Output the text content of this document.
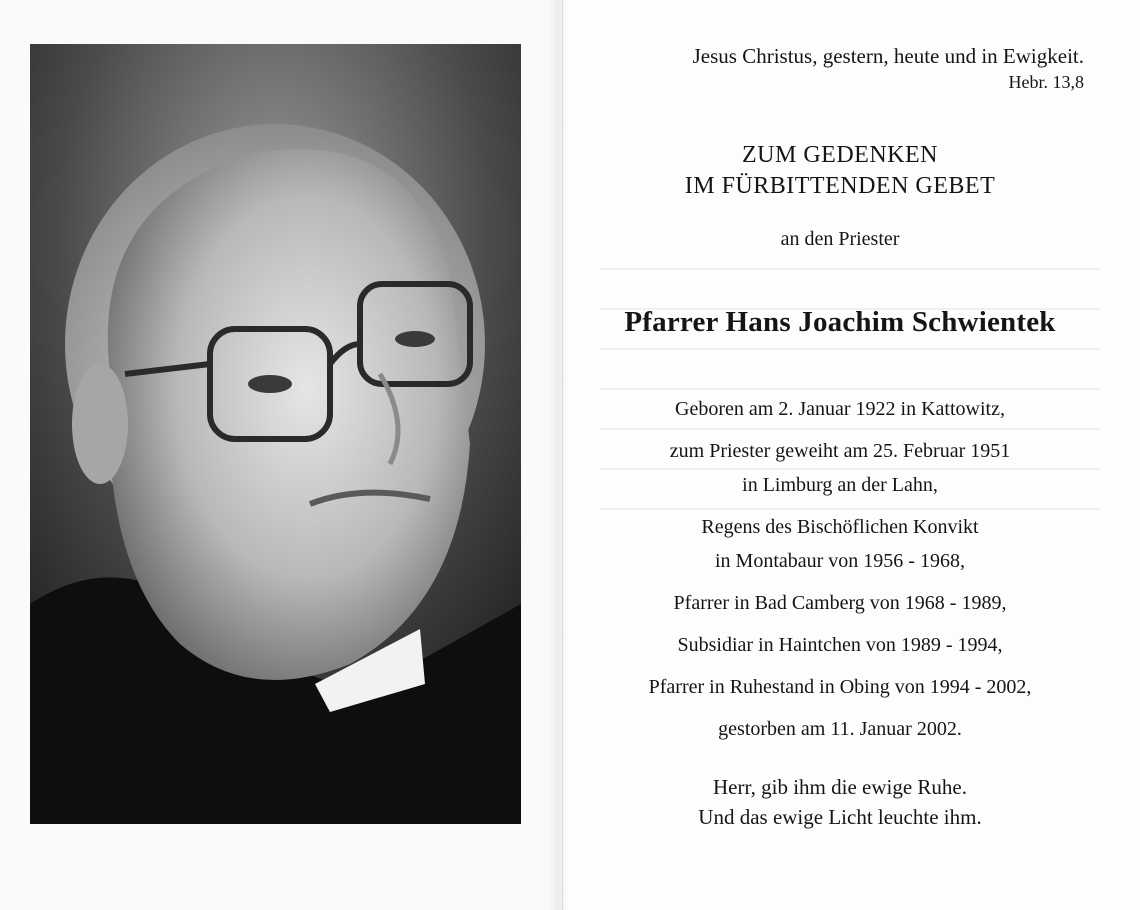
Jesus Christus, gestern, heute und in Ewigkeit.
Hebr. 13,8
ZUM GEDENKEN
IM FÜRBITTENDEN GEBET
an den Priester
Pfarrer Hans Joachim Schwientek
Geboren am 2. Januar 1922 in Kattowitz,
zum Priester geweiht am 25. Februar 1951
in Limburg an der Lahn,
Regens des Bischöflichen Konvikt
in Montabaur von 1956 - 1968,
Pfarrer in Bad Camberg von 1968 - 1989,
Subsidiar in Haintchen von 1989 - 1994,
Pfarrer in Ruhestand in Obing von 1994 - 2002,
gestorben am 11. Januar 2002.
Herr, gib ihm die ewige Ruhe.
Und das ewige Licht leuchte ihm.
